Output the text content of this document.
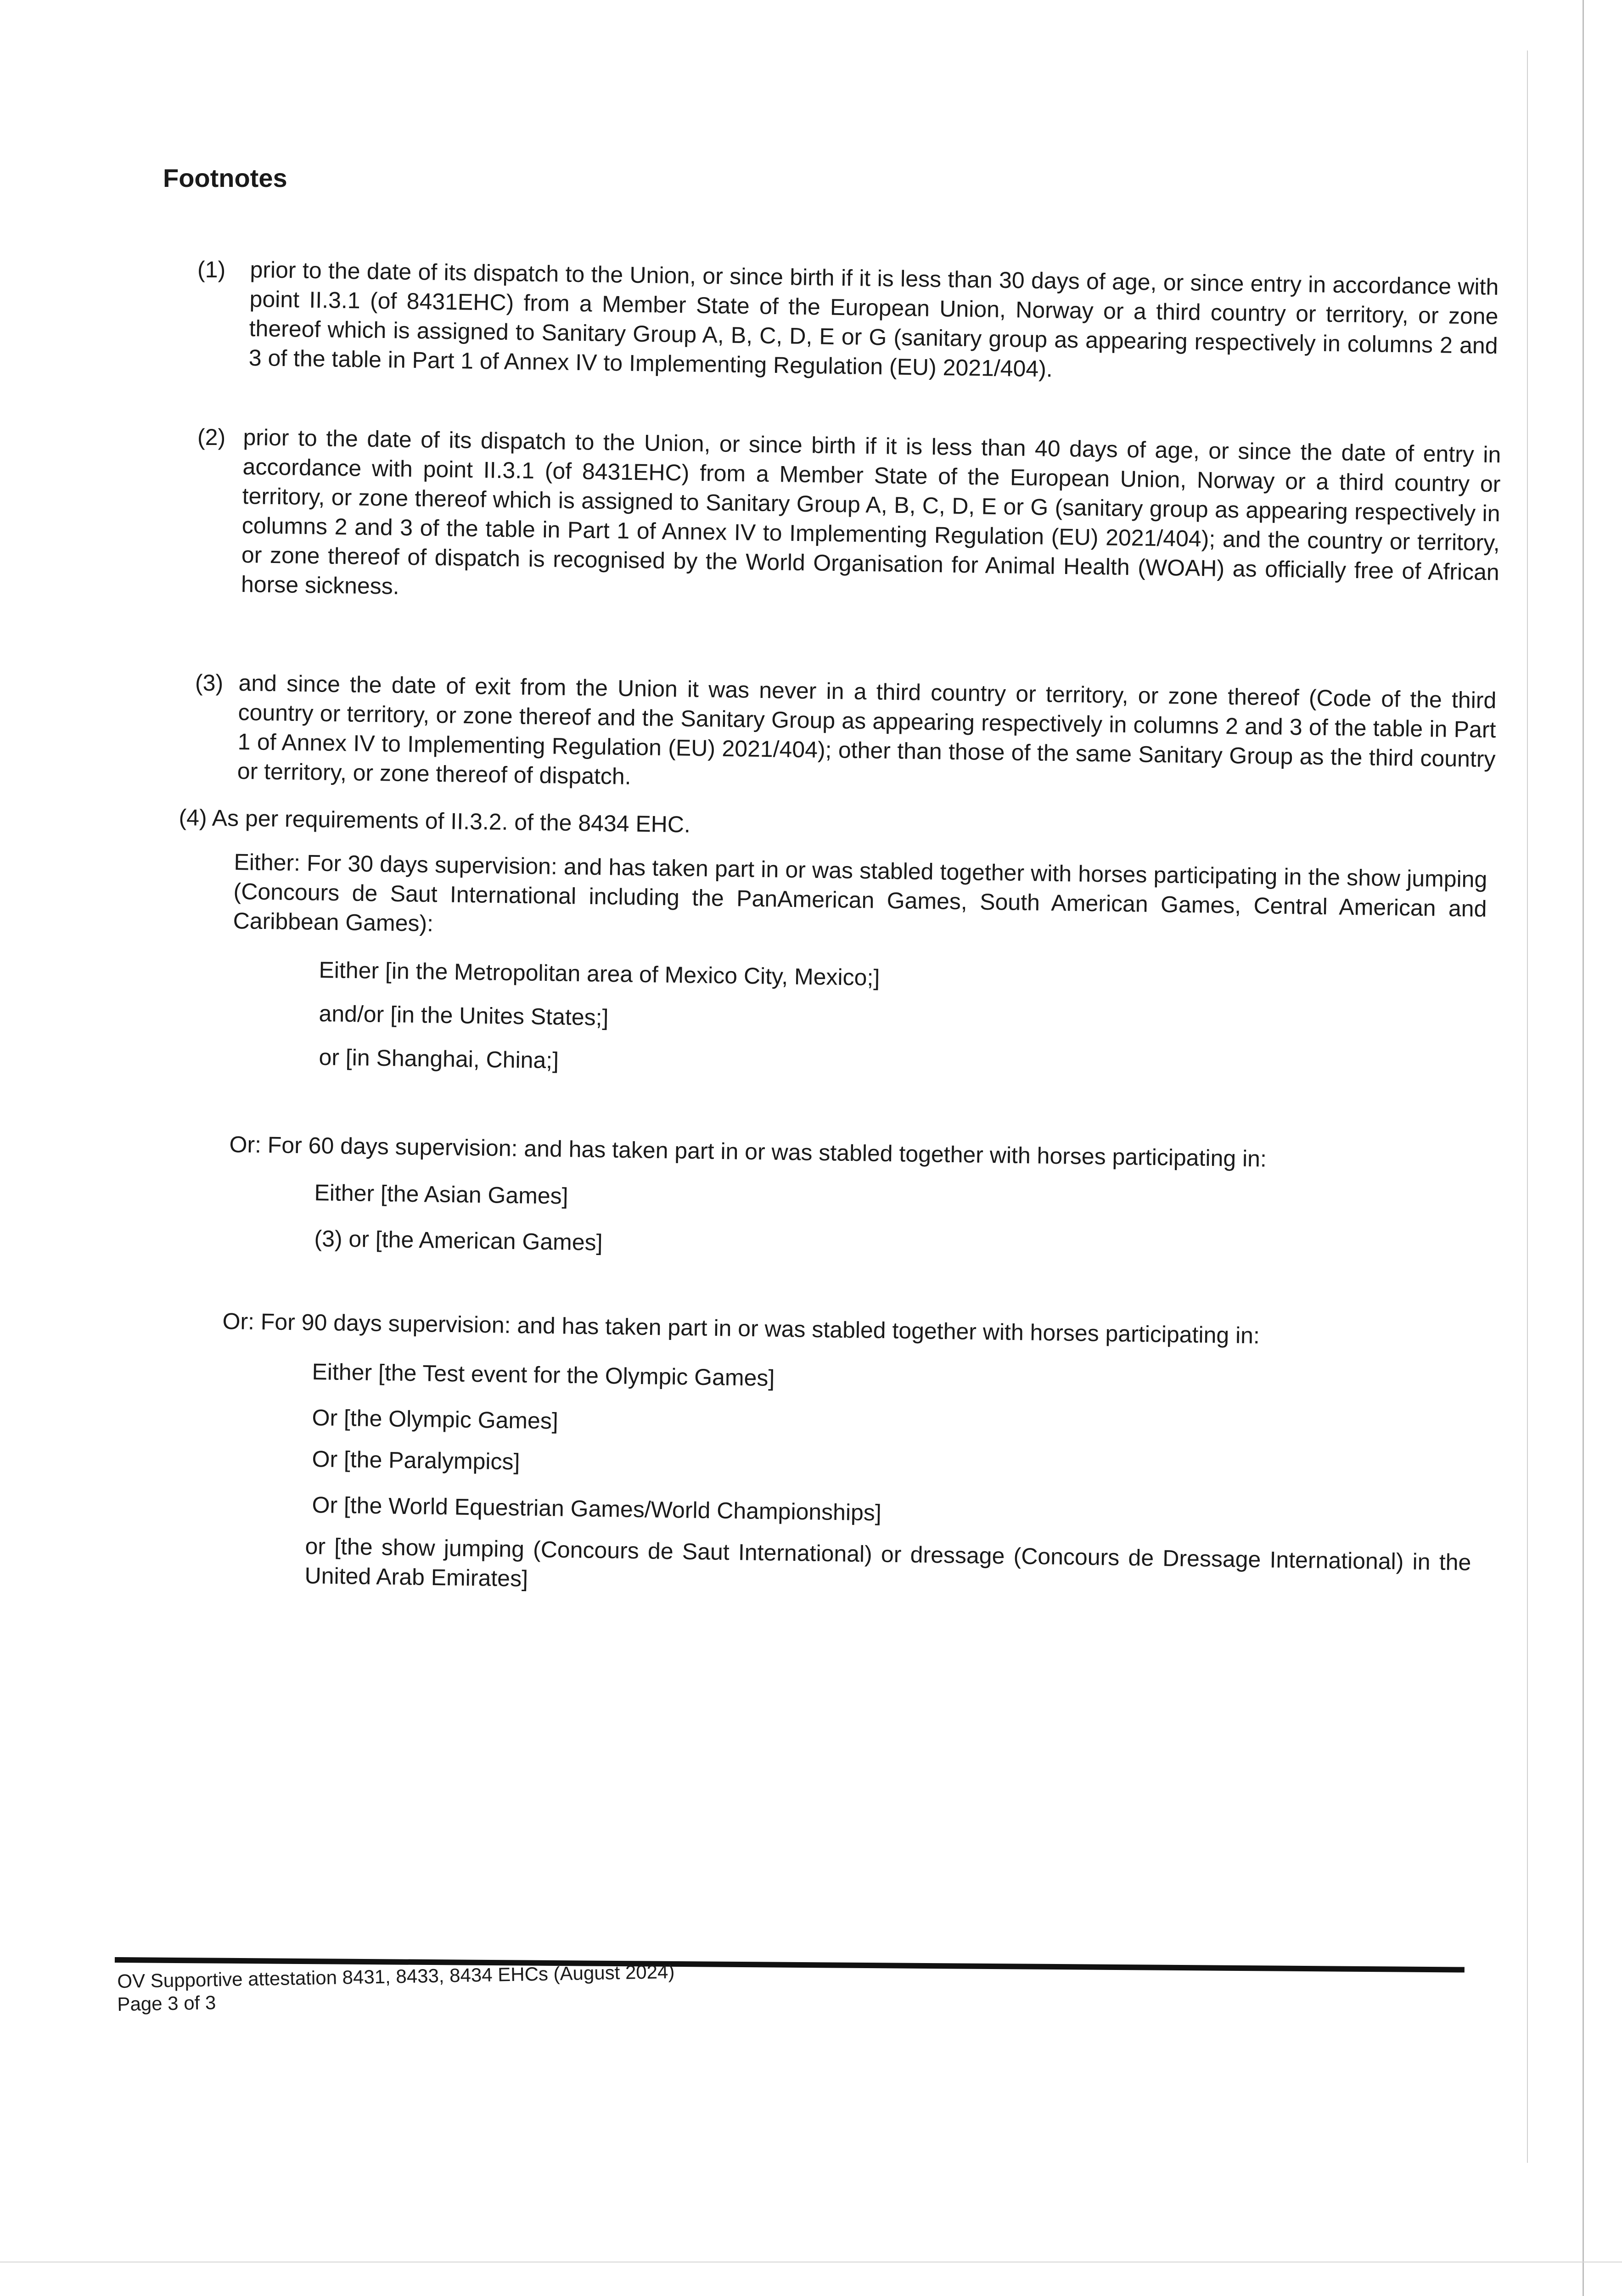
Footnotes
(1) prior to the date of its dispatch to the Union, or since birth if it is less than 30 days of age, or since entry in accordance with point II.3.1 (of 8431EHC) from a Member State of the European Union, Norway or a third country or territory, or zone thereof which is assigned to Sanitary Group A, B, C, D, E or G (sanitary group as appearing respectively in columns 2 and 3 of the table in Part 1 of Annex IV to Implementing Regulation (EU) 2021/404).

(2) prior to the date of its dispatch to the Union, or since birth if it is less than 40 days of age, or since the date of entry in accordance with point II.3.1 (of 8431EHC) from a Member State of the European Union, Norway or a third country or territory, or zone thereof which is assigned to Sanitary Group A, B, C, D, E or G (sanitary group as appearing respectively in columns 2 and 3 of the table in Part 1 of Annex IV to Implementing Regulation (EU) 2021/404); and the country or territory, or zone thereof of dispatch is recognised by the World Organisation for Animal Health (WOAH) as officially free of African horse sickness.

(3) and since the date of exit from the Union it was never in a third country or territory, or zone thereof (Code of the third country or territory, or zone thereof and the Sanitary Group as appearing respectively in columns 2 and 3 of the table in Part 1 of Annex IV to Implementing Regulation (EU) 2021/404); other than those of the same Sanitary Group as the third country or territory, or zone thereof of dispatch.

(4) As per requirements of II.3.2. of the 8434 EHC.

Either: For 30 days supervision: and has taken part in or was stabled together with horses participating in the show jumping (Concours de Saut International including the PanAmerican Games, South American Games, Central American and Caribbean Games):

Either [in the Metropolitan area of Mexico City, Mexico;]
and/or [in the Unites States;]
or [in Shanghai, China;]
Or: For 60 days supervision: and has taken part in or was stabled together with horses participating in:
Either [the Asian Games]
(3) or [the American Games]
Or: For 90 days supervision: and has taken part in or was stabled together with horses participating in:
Either [the Test event for the Olympic Games]
Or [the Olympic Games]
Or [the Paralympics]
Or [the World Equestrian Games/World Championships]

or [the show jumping (Concours de Saut International) or dressage (Concours de Dressage International) in the United Arab Emirates]

OV Supportive attestation 8431, 8433, 8434 EHCs (August 2024)
Page 3 of 3
